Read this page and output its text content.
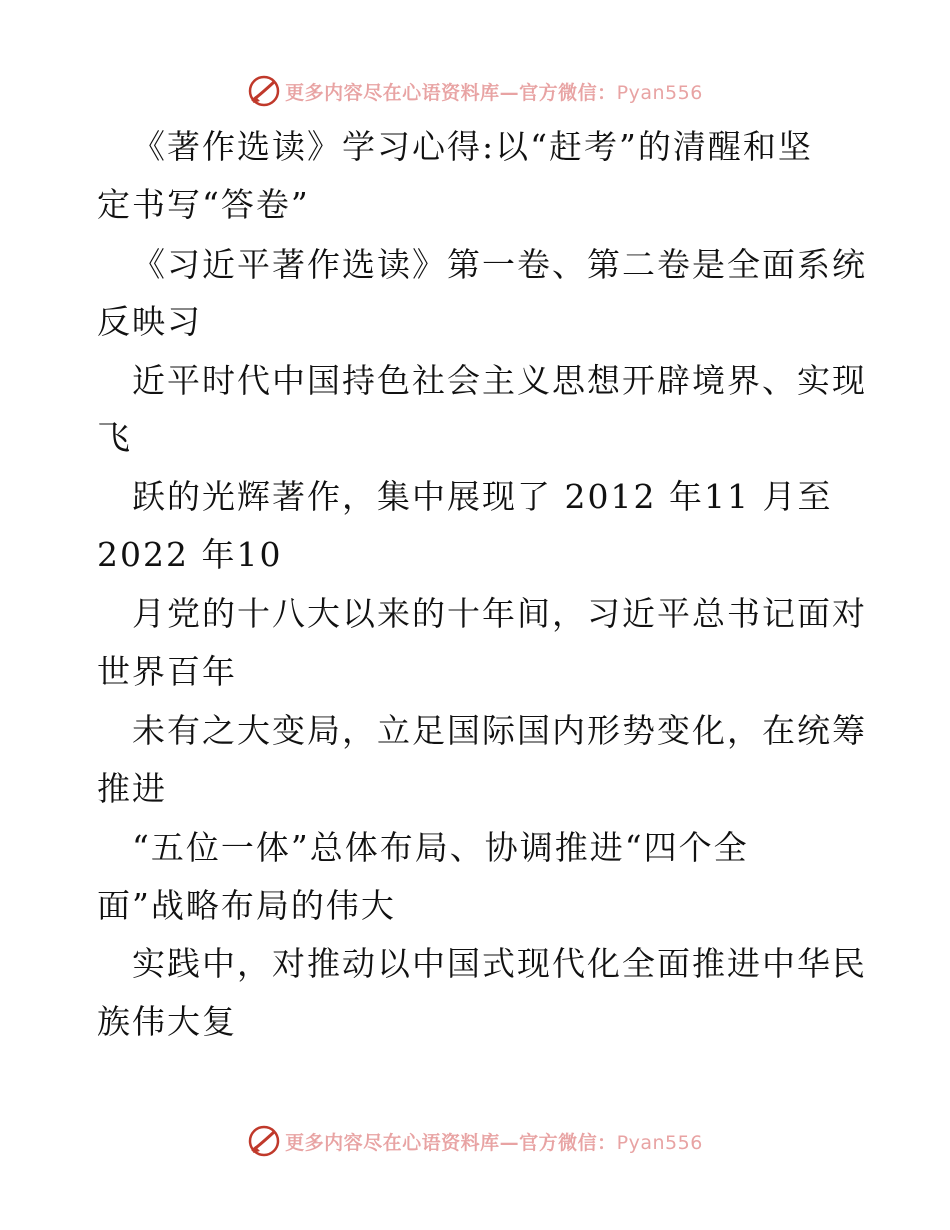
更多内容尽在心语资料库—官方微信：Pyan556
《著作选读》学习心得:以“赶考”的清醒和坚
定书写“答卷”
《习近平著作选读》第一卷、第二卷是全面系统
反映习
近平时代中国持色社会主义思想开辟境界、实现
飞
跃的光辉著作，集中展现了 2012 年11 月至
2022 年10
月党的十八大以来的十年间，习近平总书记面对
世界百年
未有之大变局，立足国际国内形势变化，在统筹
推进
“五位一体”总体布局、协调推进“四个全
面”战略布局的伟大
实践中，对推动以中国式现代化全面推进中华民
族伟大复
更多内容尽在心语资料库—官方微信：Pyan556
